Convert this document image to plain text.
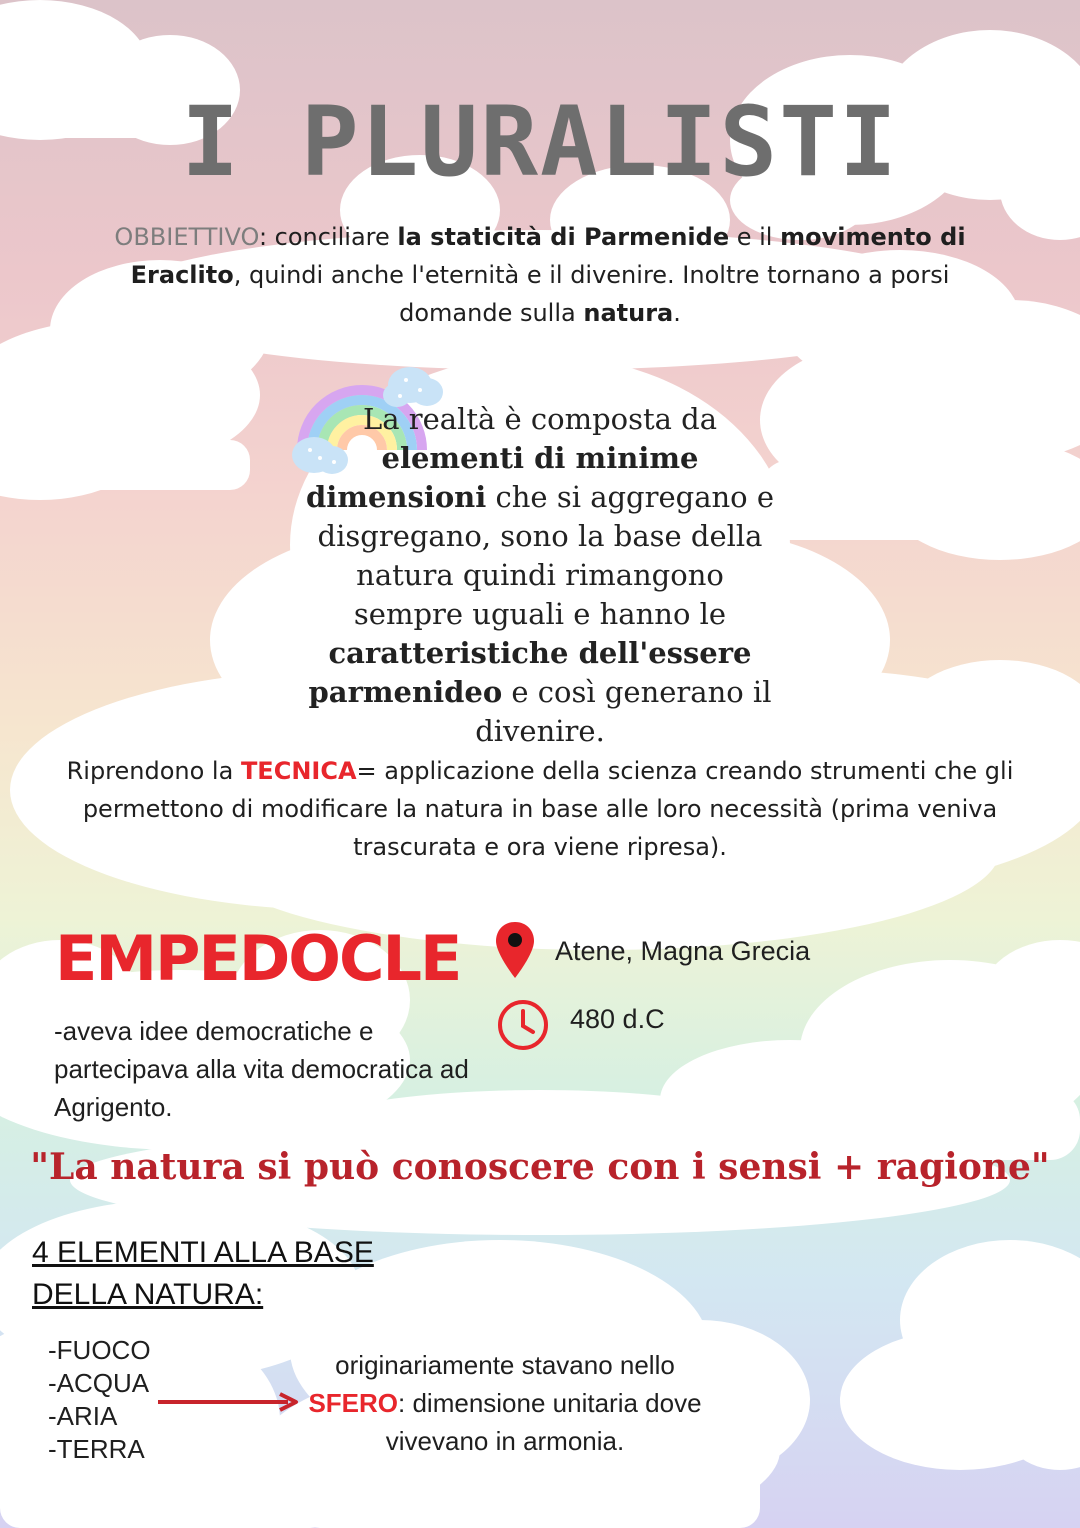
I PLURALISTI
OBBIETTIVO: conciliare la staticità di Parmenide e il movimento di Eraclito, quindi anche l'eternità e il divenire. Inoltre tornano a porsi domande sulla natura.
La realtà è composta da elementi di minime dimensioni che si aggregano e disgregano, sono la base della natura quindi rimangono sempre uguali e hanno le caratteristiche dell'essere parmenideo e così generano il divenire.
Riprendono la TECNICA= applicazione della scienza creando strumenti che gli permettono di modificare la natura in base alle loro necessità (prima veniva trascurata e ora viene ripresa).
EMPEDOCLE	Atene, Magna Grecia
480 d.C
-aveva idee democratiche e partecipava alla vita democratica ad Agrigento.
"La natura si può conoscere con i sensi + ragione"
4 ELEMENTI ALLA BASE DELLA NATURA:
-FUOCO
-ACQUA
-ARIA
-TERRA
originariamente stavano nello SFERO: dimensione unitaria dove vivevano in armonia.
